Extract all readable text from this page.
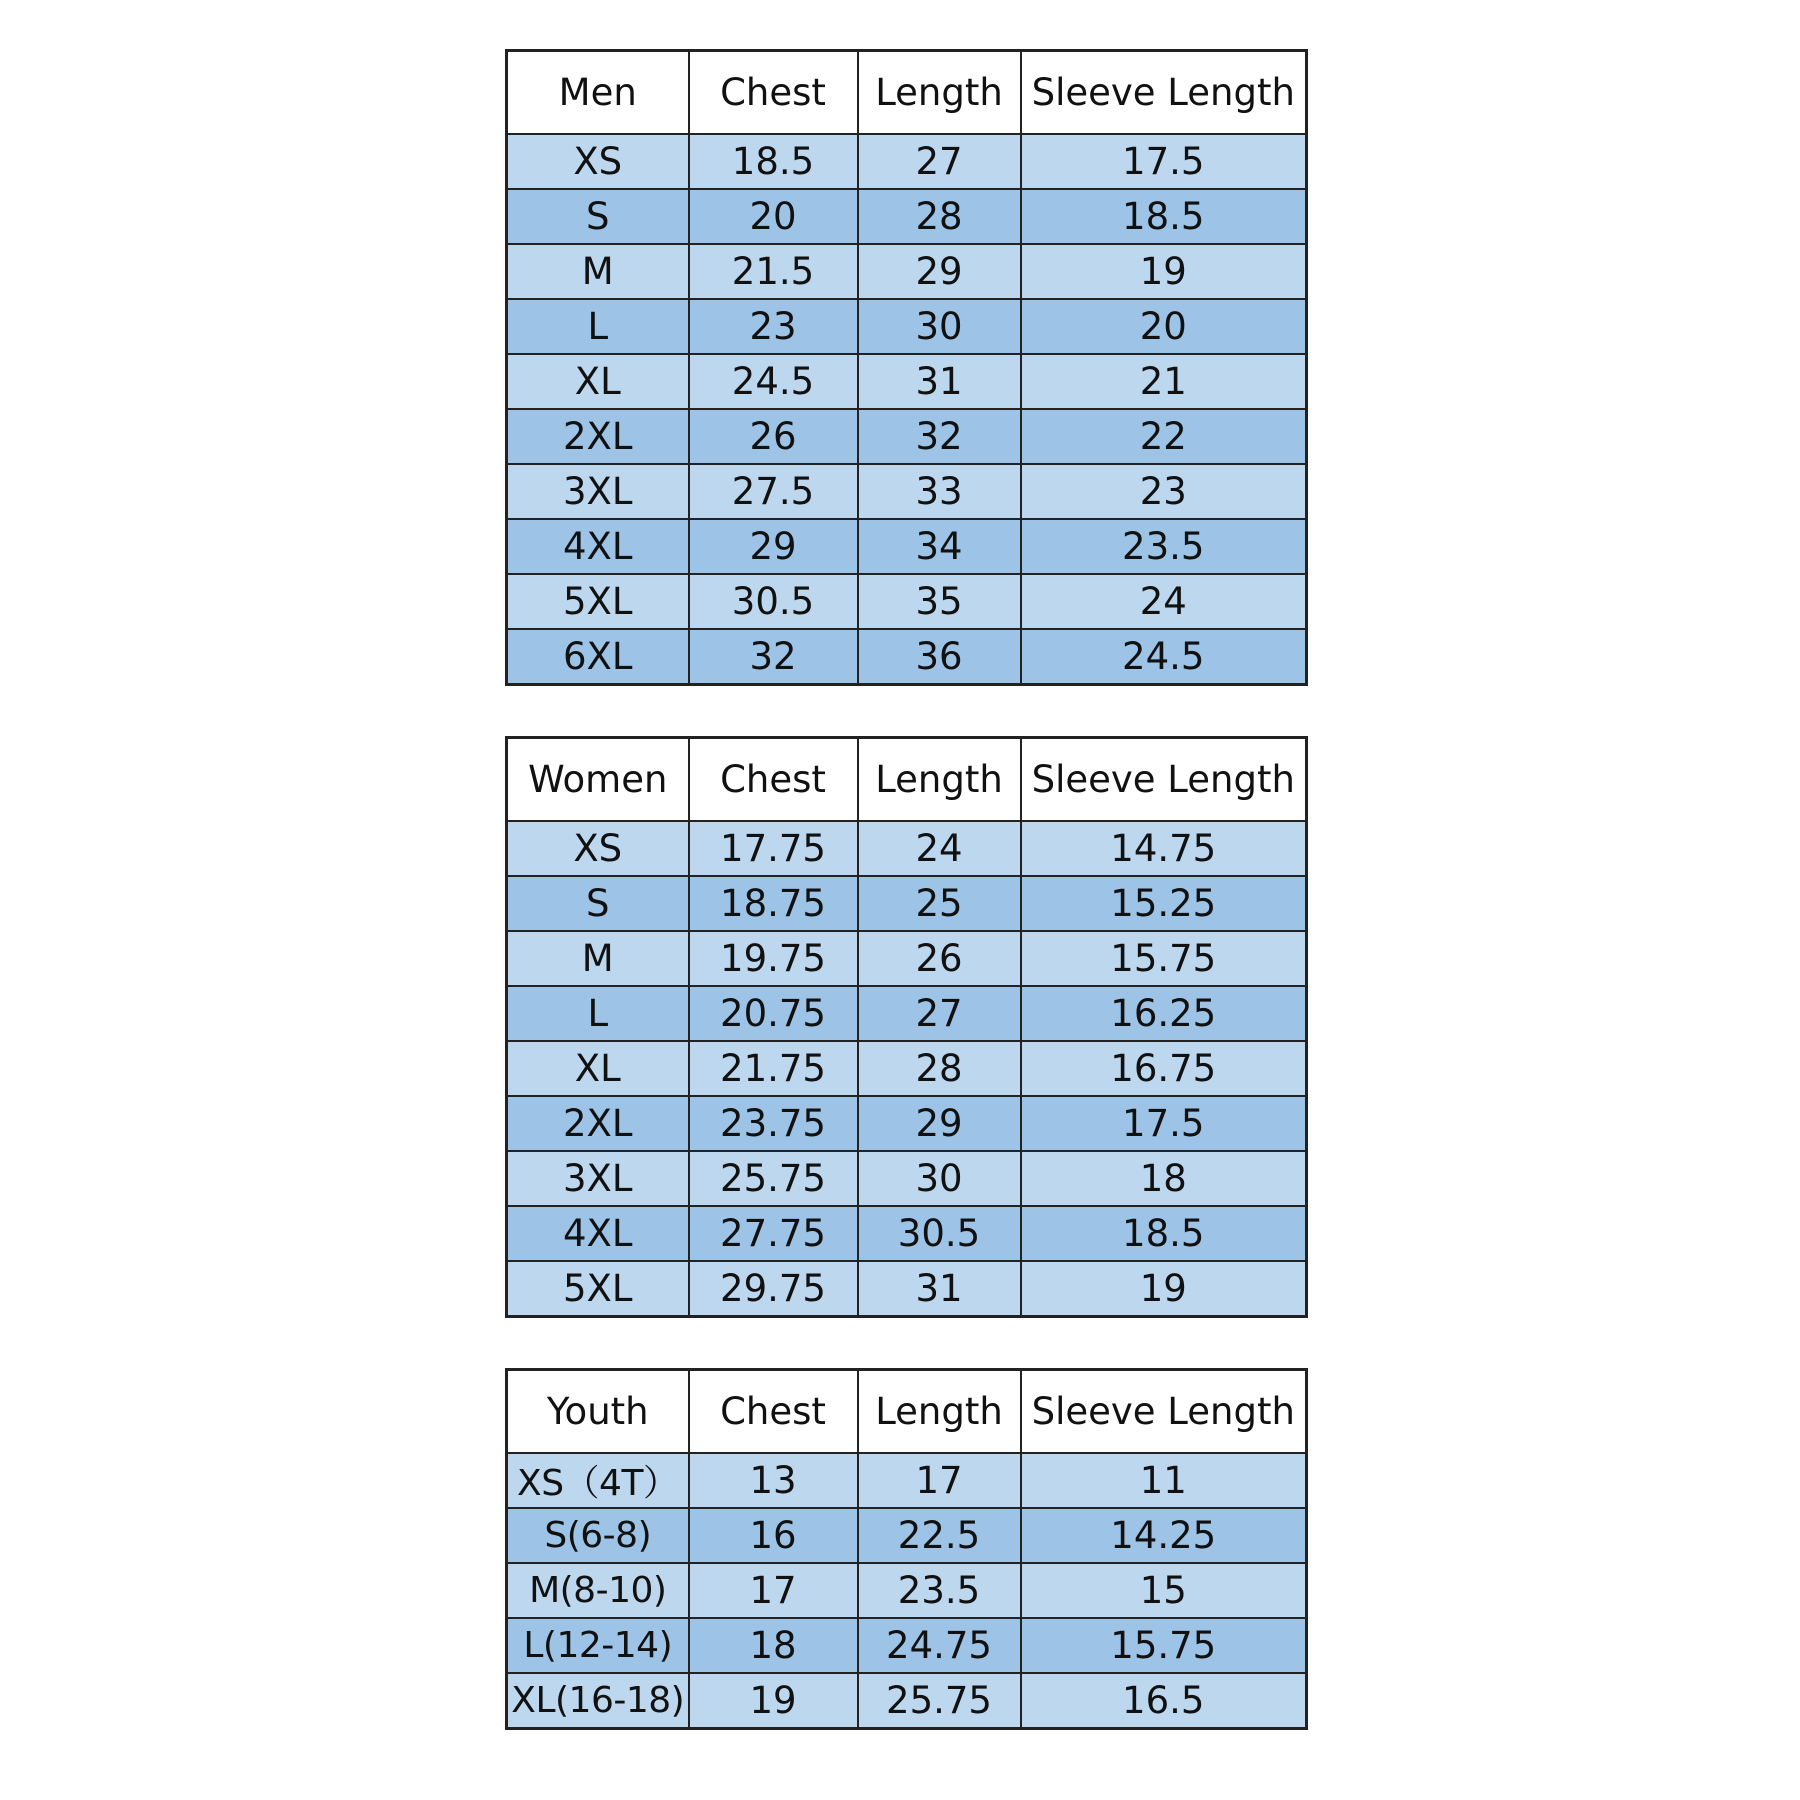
Men	Chest	Length	Sleeve Length
XS	18.5	27	17.5
S	20	28	18.5
M	21.5	29	19
L	23	30	20
XL	24.5	31	21
2XL	26	32	22
3XL	27.5	33	23
4XL	29	34	23.5
5XL	30.5	35	24
6XL	32	36	24.5
Women	Chest	Length	Sleeve Length
XS	17.75	24	14.75
S	18.75	25	15.25
M	19.75	26	15.75
L	20.75	27	16.25
XL	21.75	28	16.75
2XL	23.75	29	17.5
3XL	25.75	30	18
4XL	27.75	30.5	18.5
5XL	29.75	31	19
Youth	Chest	Length	Sleeve Length
XS（4T）	13	17	11
S(6-8)	16	22.5	14.25
M(8-10)	17	23.5	15
L(12-14)	18	24.75	15.75
XL(16-18)	19	25.75	16.5
